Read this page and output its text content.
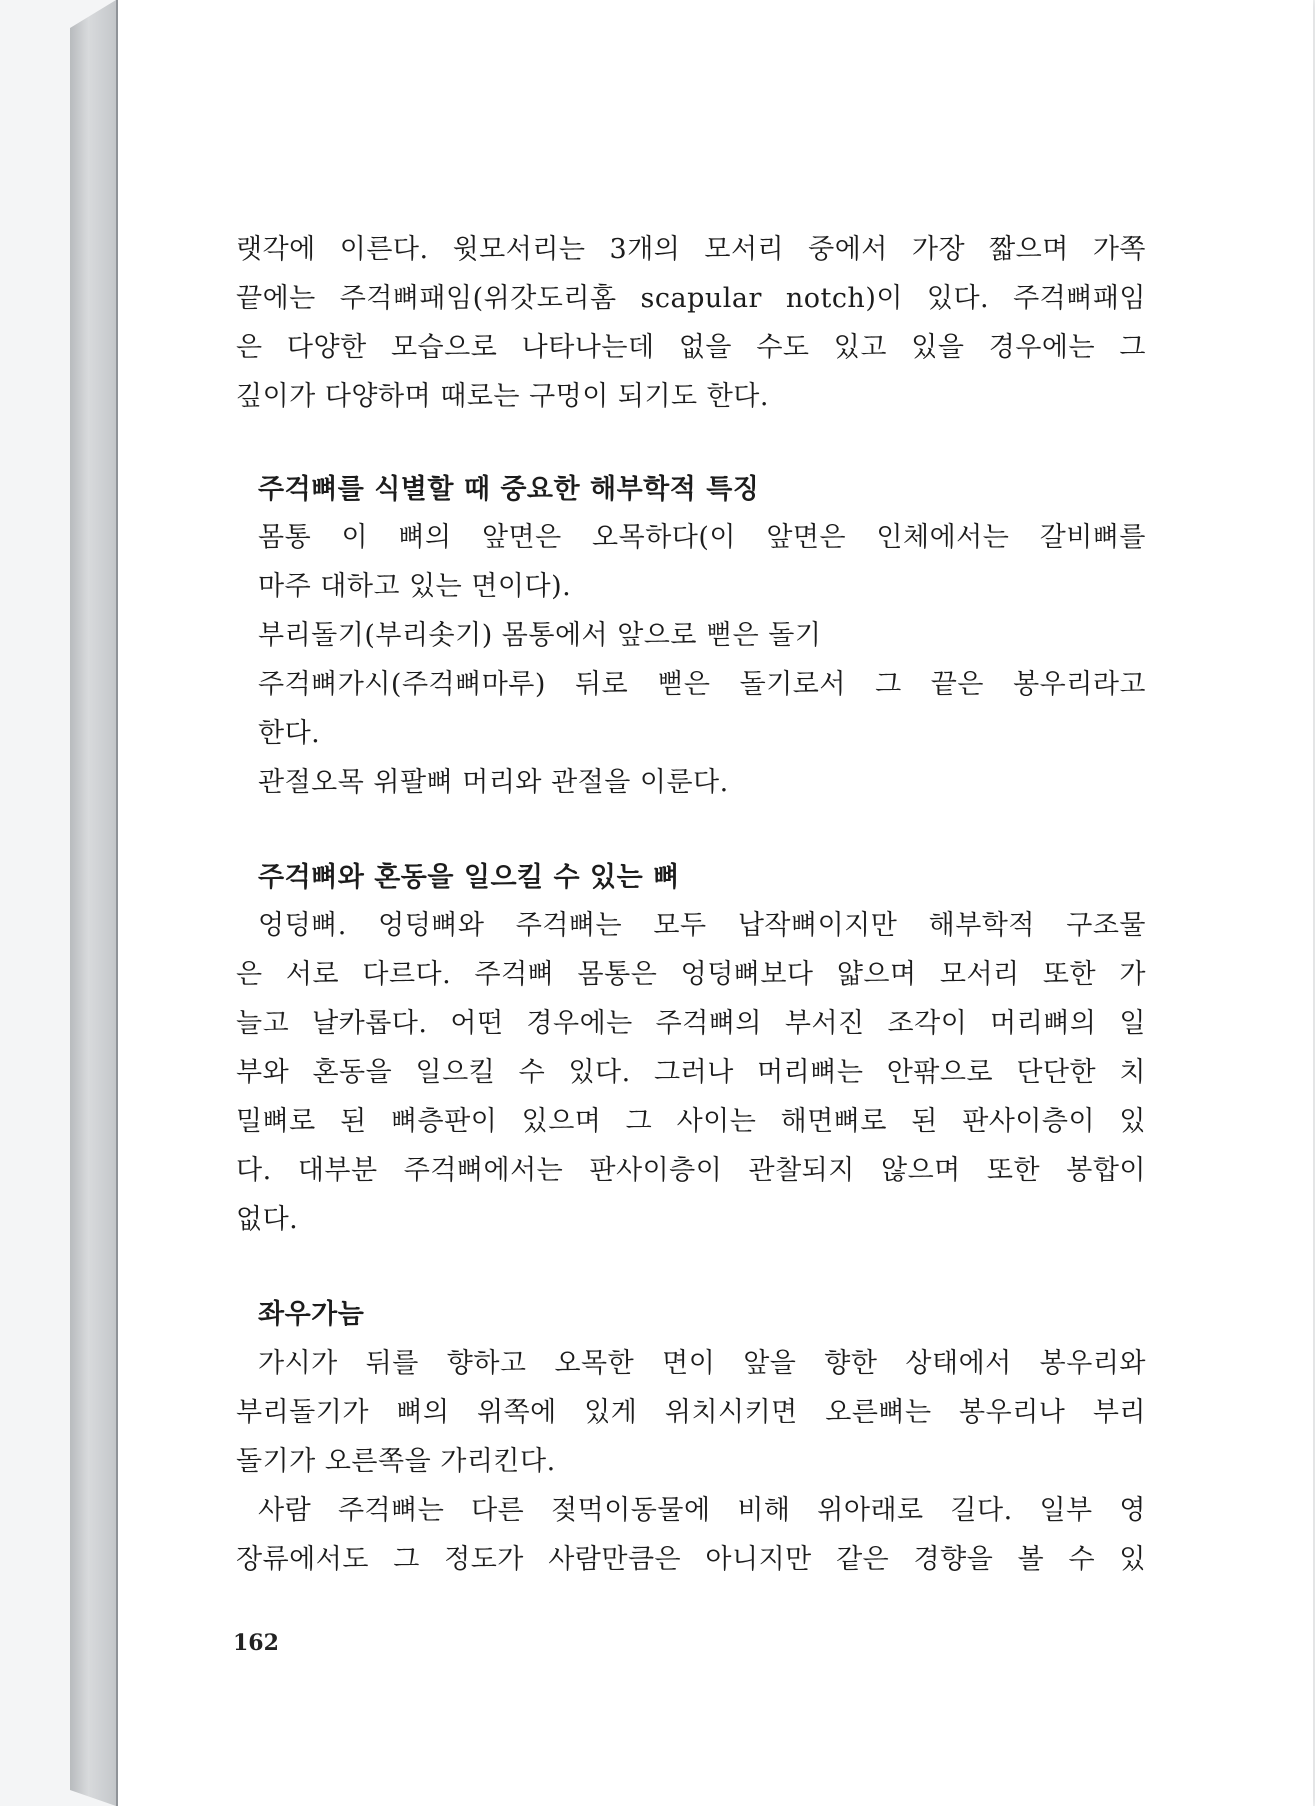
랫각에 이른다. 윗모서리는 3개의 모서리 중에서 가장 짧으며 가쪽
끝에는 주걱뼈패임(위갓도리홈 scapular notch)이 있다. 주걱뼈패임
은 다양한 모습으로 나타나는데 없을 수도 있고 있을 경우에는 그
깊이가 다양하며 때로는 구멍이 되기도 한다.
주걱뼈를 식별할 때 중요한 해부학적 특징
몸통 이 뼈의 앞면은 오목하다(이 앞면은 인체에서는 갈비뼈를
마주 대하고 있는 면이다).
부리돌기(부리솟기) 몸통에서 앞으로 뻗은 돌기
주걱뼈가시(주걱뼈마루) 뒤로 뻗은 돌기로서 그 끝은 봉우리라고
한다.
관절오목 위팔뼈 머리와 관절을 이룬다.
주걱뼈와 혼동을 일으킬 수 있는 뼈
엉덩뼈. 엉덩뼈와 주걱뼈는 모두 납작뼈이지만 해부학적 구조물
은 서로 다르다. 주걱뼈 몸통은 엉덩뼈보다 얇으며 모서리 또한 가
늘고 날카롭다. 어떤 경우에는 주걱뼈의 부서진 조각이 머리뼈의 일
부와 혼동을 일으킬 수 있다. 그러나 머리뼈는 안팎으로 단단한 치
밀뼈로 된 뼈층판이 있으며 그 사이는 해면뼈로 된 판사이층이 있
다. 대부분 주걱뼈에서는 판사이층이 관찰되지 않으며 또한 봉합이
없다.
좌우가늠
가시가 뒤를 향하고 오목한 면이 앞을 향한 상태에서 봉우리와
부리돌기가 뼈의 위쪽에 있게 위치시키면 오른뼈는 봉우리나 부리
돌기가 오른쪽을 가리킨다.
사람 주걱뼈는 다른 젖먹이동물에 비해 위아래로 길다. 일부 영
장류에서도 그 정도가 사람만큼은 아니지만 같은 경향을 볼 수 있
162
